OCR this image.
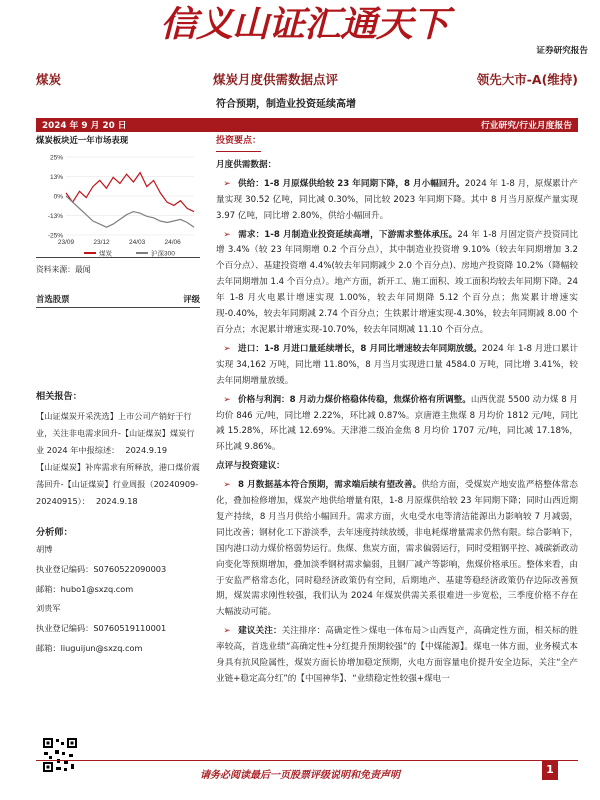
信义山证汇通天下
证券研究报告
煤炭	煤炭月度供需数据点评	领先大市-A(维持)
符合预期，制造业投资延续高增
2024 年 9 月 20 日	行业研究/行业月度报告
煤炭板块近一年市场表现
25%
13%
0%
-13%
-25%
23/09	23/12	24/03	24/06
煤炭	沪深300
资料来源：最闻
首选股票	评级
相关报告：
【山证煤炭开采洗选】上市公司产销好于行业，关注非电需求回升-【山证煤炭】煤炭行业 2024 年中报综述： 2024.9.19
【山证煤炭】补库需求有所释放，港口煤价震荡回升-【山证煤炭】行业周报（20240909-20240915）： 2024.9.18
分析师：
胡博
执业登记编码：S0760522090003
邮箱：hubo1@sxzq.com
刘贵军
执业登记编码：S0760519110001
邮箱：liuguijun@sxzq.com
投资要点：
月度供需数据：

➢ 供给：1-8 月原煤供给较 23 年同期下降，8 月小幅回升。2024 年 1-8 月，原煤累计产量实现 30.52 亿吨，同比减 0.30%，同比较 2023 年同期下降。其中 8 月当月原煤产量实现 3.97 亿吨，同比增 2.80%，供给小幅回升。

➢ 需求：1-8 月制造业投资延续高增，下游需求整体承压。24 年 1-8 月固定资产投资同比增 3.4%（较 23 年同期增 0.2 个百分点），其中制造业投资增 9.10%（较去年同期增加 3.2 个百分点）、基建投资增 4.4%(较去年同期减少 2.0 个百分点)、房地产投资降 10.2%（降幅较去年同期增加 1.4 个百分点）。地产方面，新开工、施工面积、竣工面积均较去年同期下降。24 年 1-8 月火电累计增速实现 1.00%，较去年同期降 5.12 个百分点；焦炭累计增速实现-0.40%，较去年同期减 2.74 个百分点；生铁累计增速实现-4.30%，较去年同期减 8.00 个百分点；水泥累计增速实现-10.70%，较去年同期减 11.10 个百分点。

➢ 进口：1-8 月进口量延续增长，8 月同比增速较去年同期放缓。2024 年 1-8 月进口累计实现 34,162 万吨，同比增 11.80%，8 月当月实现进口量 4584.0 万吨，同比增 3.41%，较去年同期增量放缓。

➢ 价格与利润：8 月动力煤价格稳体传稳，焦煤价格有所调整。山西优混 5500 动力煤 8 月均价 846 元/吨，同比增 2.22%，环比减 0.87%。京唐港主焦煤 8 月均价 1812 元/吨，同比减 15.28%，环比减 12.69%。天津港二级冶金焦 8 月均价 1707 元/吨，同比减 17.18%，环比减 9.86%。

点评与投资建议：

➢ 8 月数据基本符合预期，需求端后续有望改善。供给方面，受煤炭产地安监严格整体常态化，叠加检修增加，煤炭产地供给增量有限，1-8 月原煤供给较 23 年同期下降；同时山西近期复产持续，8 月当月供给小幅回升。需求方面，火电受水电等清洁能源出力影响较 7 月减弱，同比改善；钢材化工下游淡季，去年速度持续放缓，非电耗煤增量需求仍然有限。综合影响下，国内港口动力煤价格弱势运行。焦煤、焦炭方面，需求偏弱运行，同时受粗钢平控、减碳新政动向变化等预期增加，叠加淡季钢材需求偏弱，且钢厂减产等影响，焦煤价格承压。整体来看，由于安监严格常态化，同时稳经济政策仍有空间，后期地产、基建等稳经济政策仍存边际改善预期，煤炭需求刚性较强，我们认为 2024 年煤炭供需关系很难进一步宽松，三季度价格不存在大幅波动可能。

➢ 建议关注：关注排序：高确定性＞煤电一体布局＞山西复产，高确定性方面，相关标的胜率较高，首选业绩“高确定性+分红提升预期较强”的【中煤能源】。煤电一体方面，业务模式本身具有抗风险属性，煤炭方面长协增加稳定预期，火电方面容量电价提升安全边际，关注“全产业链+稳定高分红”的【中国神华】、“业绩稳定性较强+煤电一

请务必阅读最后一页股票评级说明和免责声明	1
